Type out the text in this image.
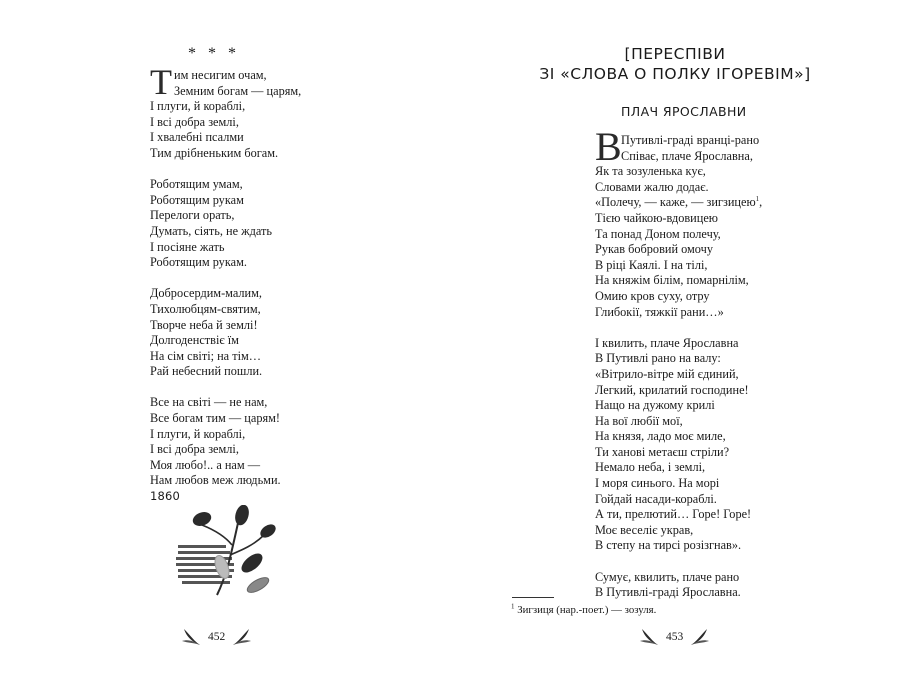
* * *
Т им несигим очам,
Земним богам — царям,
І плуги, й кораблі,
І всі добра землі,
І хвалебні псалми
Тим дрібненьким богам.
Роботящим умам,
Роботящим рукам
Перелоги орать,
Думать, сіять, не ждать
І посіяне жать
Роботящим рукам.
Добросердим-малим,
Тихолюбцям-святим,
Творче неба й землі!
Долгоденствіє їм
На сім світі; на тім…
Рай небесний пошли.
Все на світі — не нам,
Все богам тим — царям!
І плуги, й кораблі,
І всі добра землі,
Моя любо!.. а нам —
Нам любов меж людьми.
1860
452
[ПЕРЕСПІВИ
ЗІ «СЛОВА О ПОЛКУ ІГОРЕВІМ»]
ПЛАЧ ЯРОСЛАВНИ
В Путивлі-граді вранці-рано
Співає, плаче Ярославна,
Як та зозуленька кує,
Словами жалю додає.
«Полечу, — каже, — зигзицею$^1$,
Тією чайкою-вдовицею
Та понад Доном полечу,
Рукав бобровий омочу
В ріці Каялі. І на тілі,
На княжім білім, помарнілім,
Омию кров суху, отру
Глибокії, тяжкії рани…»
І квилить, плаче Ярославна
В Путивлі рано на валу:
«Вітрило-вітре мій єдиний,
Легкий, крилатий господине!
Нащо на дужому крилі
На вої любії мої,
На князя, ладо моє миле,
Ти ханові метаєш стріли?
Немало неба, і землі,
І моря синього. На морі
Гойдай насади-кораблі.
А ти, прелютий… Горе! Горе!
Моє веселіє украв,
В степу на тирсі розізгнав».
Сумує, квилить, плаче рано
В Путивлі-граді Ярославна.
$^1$ Зигзиця (нар.-поет.) — зозуля.
453
